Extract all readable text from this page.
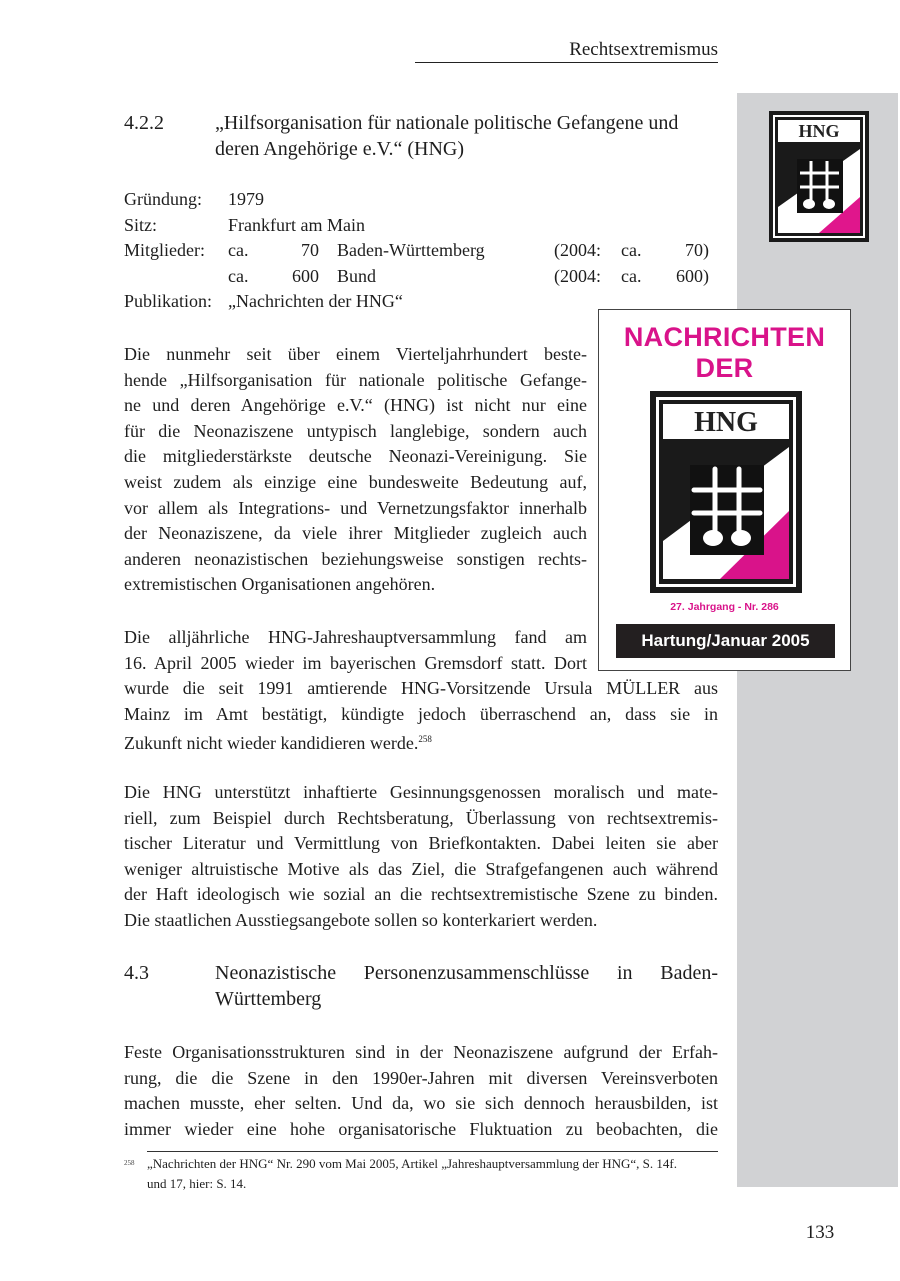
Rechtsextremismus
HNG
4.2.2	„Hilfsorganisation für nationale politische Gefangene und
deren Angehörige e.V.“ (HNG)
Gründung: 1979
Sitz:	Frankfurt am Main
Mitglieder: ca.	70 Baden-Württemberg	(2004: ca.	70)
ca.	600 Bund	(2004: ca.	600)
Publikation: „Nachrichten der HNG“
NACHRICHTEN
DER
HNG
27. Jahrgang - Nr. 286
Hartung/Januar 2005
Die nunmehr seit über einem Vierteljahrhundert beste-
hende „Hilfsorganisation für nationale politische Gefange-
ne und deren Angehörige e.V.“ (HNG) ist nicht nur eine
für die Neonaziszene untypisch langlebige, sondern auch
die mitgliederstärkste deutsche Neonazi-Vereinigung. Sie
weist zudem als einzige eine bundesweite Bedeutung auf,
vor allem als Integrations- und Vernetzungsfaktor innerhalb
der Neonaziszene, da viele ihrer Mitglieder zugleich auch
anderen neonazistischen beziehungsweise sonstigen rechts-
extremistischen Organisationen angehören.
Die alljährliche HNG-Jahreshauptversammlung fand am
16. April 2005 wieder im bayerischen Gremsdorf statt. Dort
wurde die seit 1991 amtierende HNG-Vorsitzende Ursula MÜLLER aus
Mainz im Amt bestätigt, kündigte jedoch überraschend an, dass sie in
Zukunft nicht wieder kandidieren werde.$^{258}$
Die HNG unterstützt inhaftierte Gesinnungsgenossen moralisch und mate-
riell, zum Beispiel durch Rechtsberatung, Überlassung von rechtsextremis-
tischer Literatur und Vermittlung von Briefkontakten. Dabei leiten sie aber
weniger altruistische Motive als das Ziel, die Strafgefangenen auch während
der Haft ideologisch wie sozial an die rechtsextremistische Szene zu binden.
Die staatlichen Ausstiegsangebote sollen so konterkariert werden.
4.3	Neonazistische Personenzusammenschlüsse in Baden-
Württemberg
Feste Organisationsstrukturen sind in der Neonaziszene aufgrund der Erfah-
rung, die die Szene in den 1990er-Jahren mit diversen Vereinsverboten
machen musste, eher selten. Und da, wo sie sich dennoch herausbilden, ist
immer wieder eine hohe organisatorische Fluktuation zu beobachten, die
258 „Nachrichten der HNG“ Nr. 290 vom Mai 2005, Artikel „Jahreshauptversammlung der HNG“, S. 14f.
und 17, hier: S. 14.
133
